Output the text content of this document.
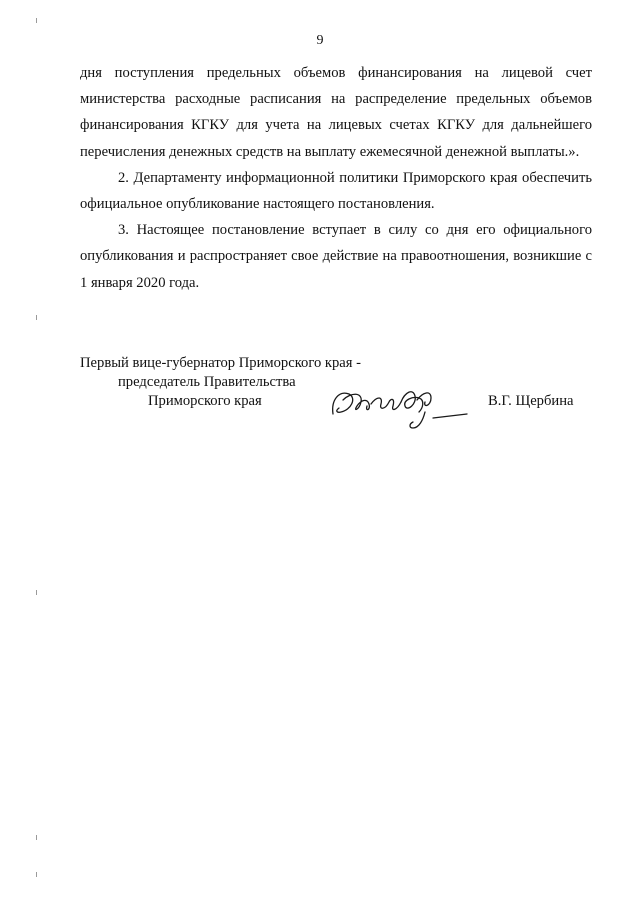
9

дня поступления предельных объемов финансирования на лицевой счет министерства расходные расписания на распределение предельных объемов финансирования КГКУ для учета на лицевых счетах КГКУ для дальнейшего перечисления денежных средств на выплату ежемесячной денежной выплаты.».

2. Департаменту информационной политики Приморского края обеспечить официальное опубликование настоящего постановления.

3. Настоящее постановление вступает в силу со дня его официального опубликования и распространяет свое действие на правоотношения, возникшие с 1 января 2020 года.

Первый вице-губернатор Приморского края -
председатель Правительства
Приморского края	В.Г. Щербина
